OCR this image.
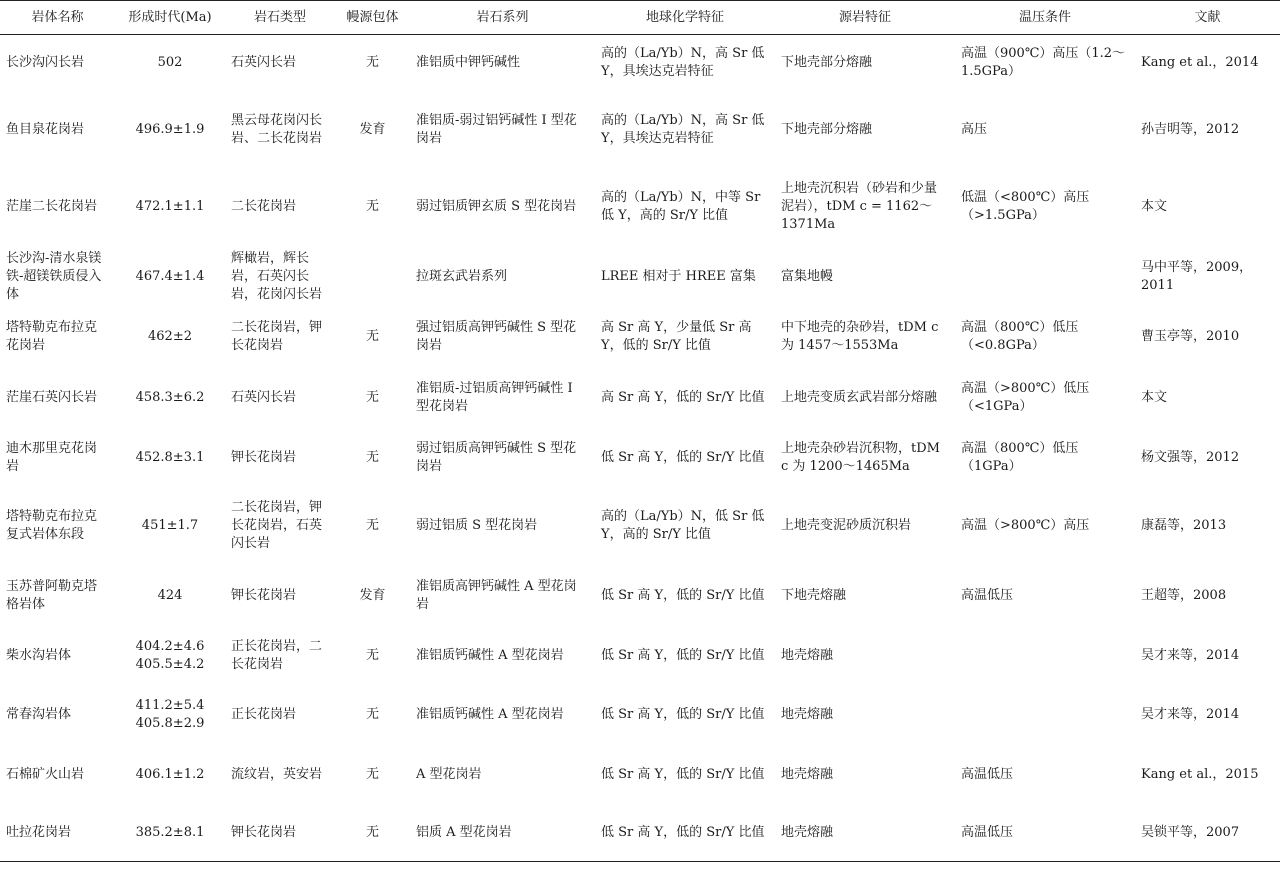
岩体名称	形成时代(Ma)	岩石类型	幔源包体	岩石系列	地球化学特征	源岩特征	温压条件	文献
长沙沟闪长岩	502	石英闪长岩	无	准铝质中钾钙碱性	高的（La/Yb）N，高 Sr 低 Y，具埃达克岩特征	下地壳部分熔融	高温（900℃）高压（1.2～1.5GPa）	Kang et al.，2014
鱼目泉花岗岩	496.9±1.9	黑云母花岗闪长岩、二长花岗岩	发育	准铝质-弱过铝钙碱性 I 型花岗岩	高的（La/Yb）N，高 Sr 低 Y，具埃达克岩特征	下地壳部分熔融	高压	孙吉明等，2012
茫崖二长花岗岩	472.1±1.1	二长花岗岩	无	弱过铝质钾玄质 S 型花岗岩	高的（La/Yb）N，中等 Sr 低 Y，高的 Sr/Y 比值	上地壳沉积岩（砂岩和少量泥岩），tDM c = 1162～1371Ma	低温（<800℃）高压（>1.5GPa）	本文
长沙沟-清水泉镁铁-超镁铁质侵入体	467.4±1.4	辉橄岩，辉长岩，石英闪长岩，花岗闪长岩		拉斑玄武岩系列	LREE 相对于 HREE 富集	富集地幔		马中平等，2009，2011
塔特勒克布拉克花岗岩	462±2	二长花岗岩，钾长花岗岩	无	强过铝质高钾钙碱性 S 型花岗岩	高 Sr 高 Y，少量低 Sr 高 Y，低的 Sr/Y 比值	中下地壳的杂砂岩，tDM c 为 1457～1553Ma	高温（800℃）低压（<0.8GPa）	曹玉亭等，2010
茫崖石英闪长岩	458.3±6.2	石英闪长岩	无	准铝质-过铝质高钾钙碱性 I 型花岗岩	高 Sr 高 Y，低的 Sr/Y 比值	上地壳变质玄武岩部分熔融	高温（>800℃）低压（<1GPa）	本文
迪木那里克花岗岩	452.8±3.1	钾长花岗岩	无	弱过铝质高钾钙碱性 S 型花岗岩	低 Sr 高 Y，低的 Sr/Y 比值	上地壳杂砂岩沉积物，tDM c 为 1200～1465Ma	高温（800℃）低压（1GPa）	杨文强等，2012
塔特勒克布拉克复式岩体东段	451±1.7	二长花岗岩，钾长花岗岩，石英闪长岩	无	弱过铝质 S 型花岗岩	高的（La/Yb）N，低 Sr 低 Y，高的 Sr/Y 比值	上地壳变泥砂质沉积岩	高温（>800℃）高压	康磊等，2013
玉苏普阿勒克塔格岩体	424	钾长花岗岩	发育	准铝质高钾钙碱性 A 型花岗岩	低 Sr 高 Y，低的 Sr/Y 比值	下地壳熔融	高温低压	王超等，2008
柴水沟岩体	404.2±4.6 405.5±4.2	正长花岗岩，二长花岗岩	无	准铝质钙碱性 A 型花岗岩	低 Sr 高 Y，低的 Sr/Y 比值	地壳熔融		吴才来等，2014
常春沟岩体	411.2±5.4 405.8±2.9	正长花岗岩	无	准铝质钙碱性 A 型花岗岩	低 Sr 高 Y，低的 Sr/Y 比值	地壳熔融		吴才来等，2014
石棉矿火山岩	406.1±1.2	流纹岩，英安岩	无	A 型花岗岩	低 Sr 高 Y，低的 Sr/Y 比值	地壳熔融	高温低压	Kang et al.，2015
吐拉花岗岩	385.2±8.1	钾长花岗岩	无	铝质 A 型花岗岩	低 Sr 高 Y，低的 Sr/Y 比值	地壳熔融	高温低压	吴锁平等，2007
